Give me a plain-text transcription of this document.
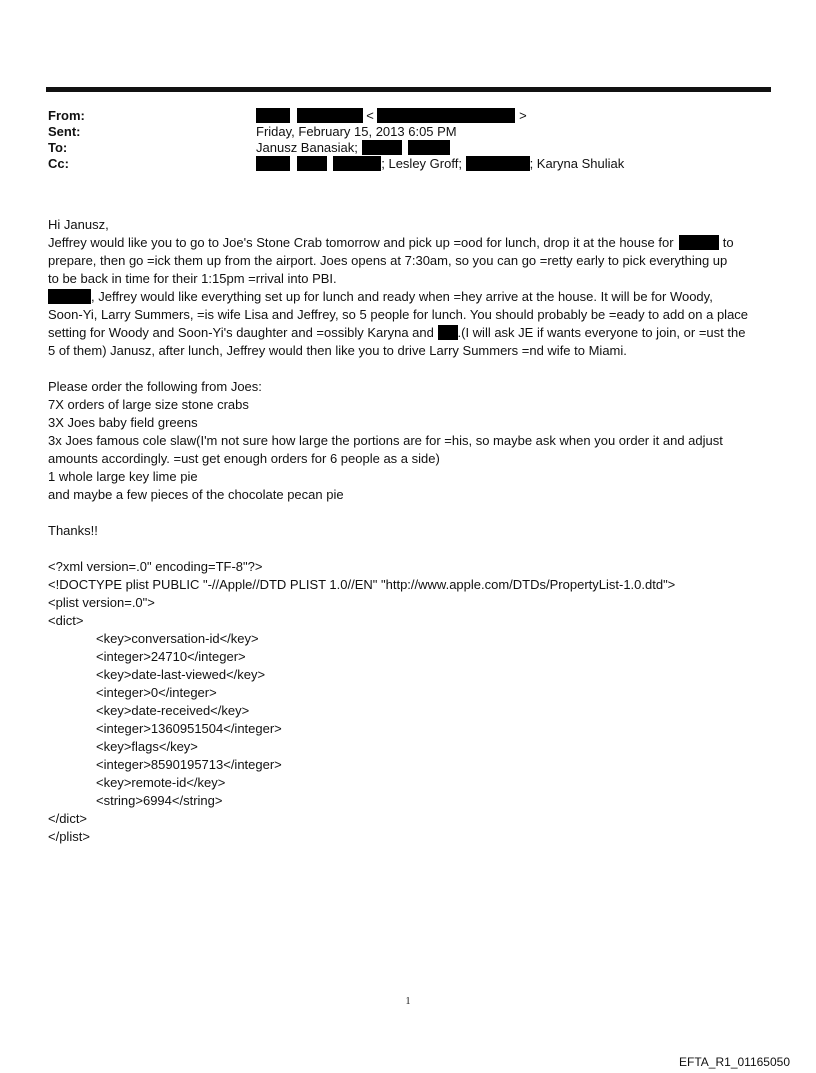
From:	<	>
Sent:	Friday, February 15, 2013 6:05 PM
To:	Janusz Banasiak;
Cc:	; Lesley Groff;	; Karyna Shuliak
Hi Janusz,
Jeffrey would like you to go to Joe's Stone Crab tomorrow and pick up =ood for lunch, drop it at the house for	to
prepare, then go =ick them up from the airport. Joes opens at 7:30am, so you can go =retty early to pick everything up
to be back in time for their 1:15pm =rrival into PBI.
, Jeffrey would like everything set up for lunch and ready when =hey arrive at the house. It will be for Woody,
Soon-Yi, Larry Summers, =is wife Lisa and Jeffrey, so 5 people for lunch. You should probably be =eady to add on a place
setting for Woody and Soon-Yi's daughter and =ossibly Karyna and .(I will ask JE if wants everyone to join, or =ust the
5 of them) Janusz, after lunch, Jeffrey would then like you to drive Larry Summers =nd wife to Miami.
Please order the following from Joes:
7X orders of large size stone crabs
3X Joes baby field greens
3x Joes famous cole slaw(I'm not sure how large the portions are for =his, so maybe ask when you order it and adjust
amounts accordingly. =ust get enough orders for 6 people as a side)
1 whole large key lime pie
and maybe a few pieces of the chocolate pecan pie
Thanks!!
<?xml version=.0" encoding=TF-8"?>
<!DOCTYPE plist PUBLIC "-//Apple//DTD PLIST 1.0//EN" "http://www.apple.com/DTDs/PropertyList-1.0.dtd">
<plist version=.0">
<dict>
<key>conversation-id</key>
<integer>24710</integer>
<key>date-last-viewed</key>
<integer>0</integer>
<key>date-received</key>
<integer>1360951504</integer>
<key>flags</key>
<integer>8590195713</integer>
<key>remote-id</key>
<string>6994</string>
</dict>
</plist>
1
EFTA_R1_01165050
